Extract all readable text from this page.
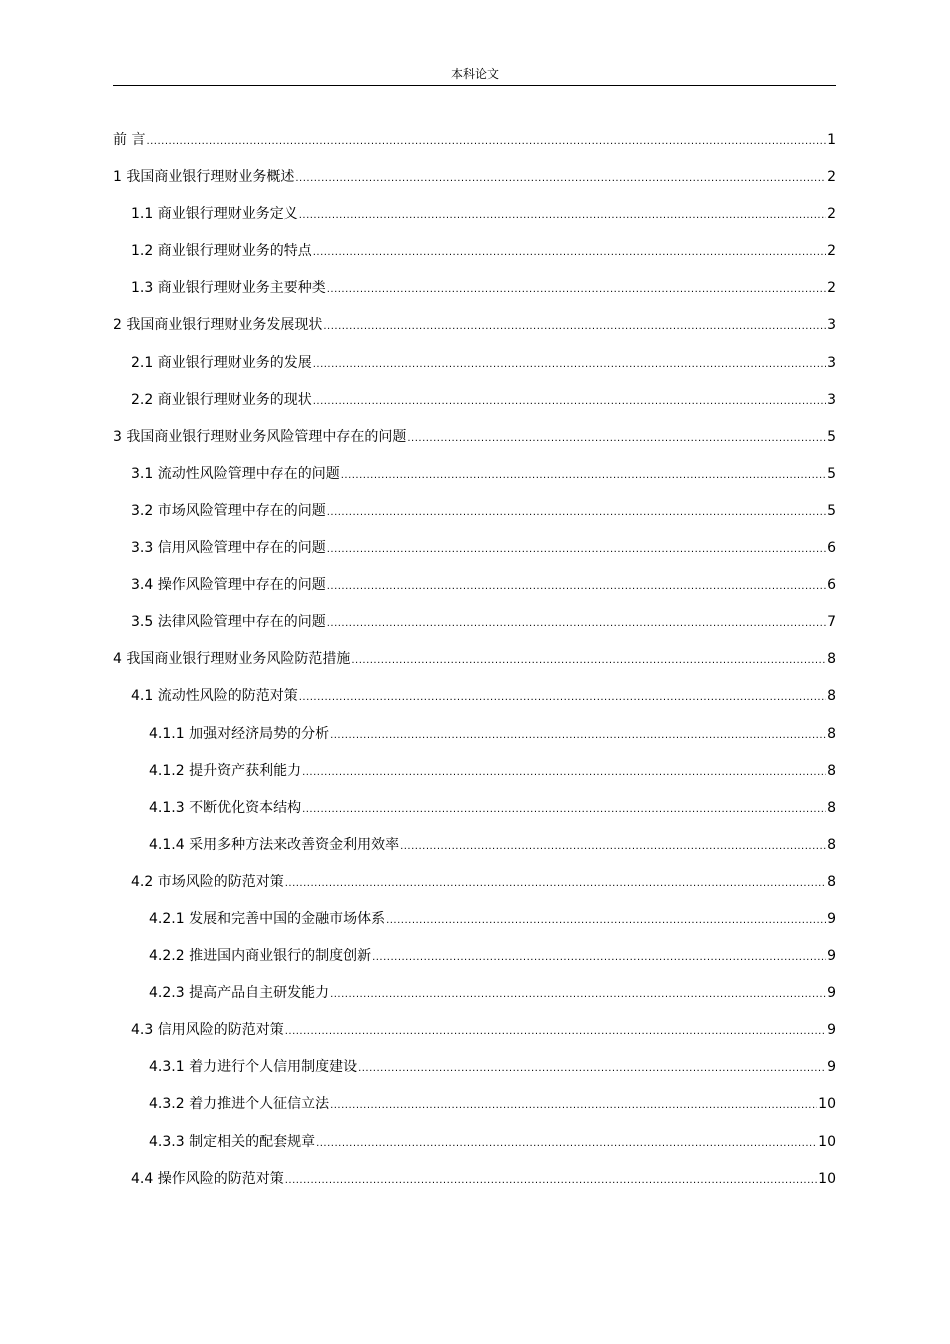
本科论文
前 言 .....	1
1 我国商业银行理财业务概述 .....	2
1.1 商业银行理财业务定义 .....	2
1.2 商业银行理财业务的特点 .....	2
1.3 商业银行理财业务主要种类 .....	2
2 我国商业银行理财业务发展现状 .....	3
2.1 商业银行理财业务的发展 .....	3
2.2 商业银行理财业务的现状 .....	3
3 我国商业银行理财业务风险管理中存在的问题 .....	5
3.1 流动性风险管理中存在的问题 .....	5
3.2 市场风险管理中存在的问题 .....	5
3.3 信用风险管理中存在的问题 .....	6
3.4 操作风险管理中存在的问题 .....	6
3.5 法律风险管理中存在的问题 .....	7
4 我国商业银行理财业务风险防范措施 .....	8
4.1 流动性风险的防范对策 .....	8
4.1.1 加强对经济局势的分析 .....	8
4.1.2 提升资产获利能力 .....	8
4.1.3 不断优化资本结构 .....	8
4.1.4 采用多种方法来改善资金利用效率 .....	8
4.2 市场风险的防范对策 .....	8
4.2.1 发展和完善中国的金融市场体系 .....	9
4.2.2 推进国内商业银行的制度创新 .....	9
4.2.3 提高产品自主研发能力 .....	9
4.3 信用风险的防范对策 .....	9
4.3.1 着力进行个人信用制度建设 .....	9
4.3.2 着力推进个人征信立法 .....	10
4.3.3 制定相关的配套规章 .....	10
4.4 操作风险的防范对策 .....	10
